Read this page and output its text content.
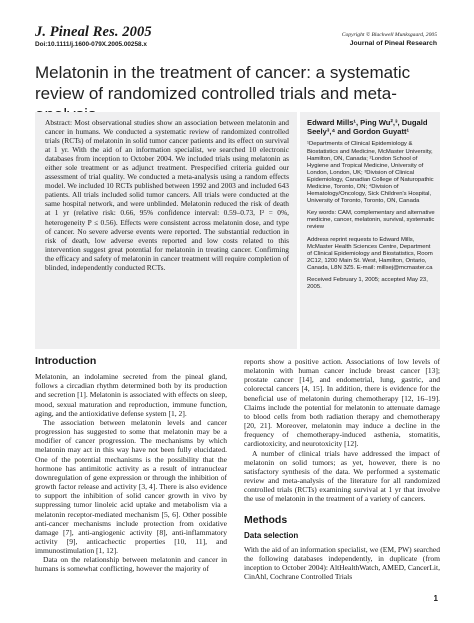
J. Pineal Res. 2005
Doi:10.1111/j.1600-079X.2005.00258.x
Copyright © Blackwell Munksgaard, 2005
Journal of Pineal Research
Melatonin in the treatment of cancer: a systematic review of randomized controlled trials and meta-
Abstract: Most observational studies show an association between melatonin and cancer in humans. We conducted a systematic review of randomized controlled trials (RCTs) of melatonin in solid tumor cancer patients and its effect on survival at 1 yr. With the aid of an information specialist, we searched 10 electronic databases from inception to October 2004. We included trials using melatonin as either sole treatment or as adjunct treatment. Prespecified criteria guided our assessment of trial quality. We conducted a meta-analysis using a random effects model. We included 10 RCTs published between 1992 and 2003 and included 643 patients. All trials included solid tumor cancers. All trials were conducted at the same hospital network, and were unblinded. Melatonin reduced the risk of death at 1 yr (relative risk: 0.66, 95% confidence interval: 0.59–0.73, I² = 0%, heterogeneity P ≤ 0.56). Effects were consistent across melatonin dose, and type of cancer. No severe adverse events were reported. The substantial reduction in risk of death, low adverse events reported and low costs related to this intervention suggest great potential for melatonin in treating cancer. Confirming the efficacy and safety of melatonin in cancer treatment will require completion of blinded, independently conducted RCTs.
Edward Mills¹, Ping Wu²,³, Dugald Seely³,⁴ and Gordon Guyatt¹
¹Departments of Clinical Epidemiology & Biostatistics and Medicine, McMaster University, Hamilton, ON, Canada; ²London School of Hygiene and Tropical Medicine, University of London, London, UK; ³Division of Clinical Epidemiology, Canadian College of Naturopathic Medicine, Toronto, ON; ⁴Division of Hematology/Oncology, Sick Children's Hospital, University of Toronto, Toronto, ON, Canada
Key words: CAM, complementary and alternative medicine, cancer, melatonin, survival, systematic review
Address reprint requests to Edward Mills, McMaster Health Sciences Centre, Department of Clinical Epidemiology and Biostatistics, Room 2C12, 1200 Main St. West, Hamilton, Ontario, Canada, L8N 3Z5. E-mail: millsej@mcmaster.ca
Received February 1, 2005; accepted May 23, 2005.
Introduction

Melatonin, an indolamine secreted from the pineal gland, follows a circadian rhythm determined both by its production and secretion [1]. Melatonin is associated with effects on sleep, mood, sexual maturation and reproduction, immune function, aging, and the antioxidative defense system [1, 2].

The association between melatonin levels and cancer progression has suggested to some that melatonin may be a modifier of cancer progression. The mechanisms by which melatonin may act in this way have not been fully elucidated. One of the potential mechanisms is the possibility that the hormone has antimitotic activity as a result of intranuclear downregulation of gene expression or through the inhibition of growth factor release and activity [3, 4]. There is also evidence to support the inhibition of solid cancer growth in vivo by suppressing tumor linoleic acid uptake and metabolism via a melatonin receptor-mediated mechanism [5, 6]. Other possible anti-cancer mechanisms include protection from oxidative damage [7], anti-angiogenic activity [8], anti-inflammatory activity [9], anticachectic properties [10, 11], and immunostimulation [1, 12].

Data on the relationship between melatonin and cancer in humans is somewhat conflicting, however the majority of

reports show a positive action. Associations of low levels of melatonin with human cancer include breast cancer [13]; prostate cancer [14], and endometrial, lung, gastric, and colorectal cancers [4, 15]. In addition, there is evidence for the beneficial use of melatonin during chemotherapy [12, 16–19]. Claims include the potential for melatonin to attenuate damage to blood cells from both radiation therapy and chemotherapy [20, 21]. Moreover, melatonin may induce a decline in the frequency of chemotherapy-induced asthenia, stomatitis, cardiotoxicity, and neurotoxicity [12].

A number of clinical trials have addressed the impact of melatonin on solid tumors; as yet, however, there is no satisfactory synthesis of the data. We performed a systematic review and meta-analysis of the literature for all randomized controlled trials (RCTs) examining survival at 1 yr that involve the use of melatonin in the treatment of a variety of cancers.

Methods
Data selection

With the aid of an information specialist, we (EM, PW) searched the following databases independently, in duplicate (from inception to October 2004): AltHealthWatch, AMED, CancerLit, CinAhl, Cochrane Controlled Trials

1
